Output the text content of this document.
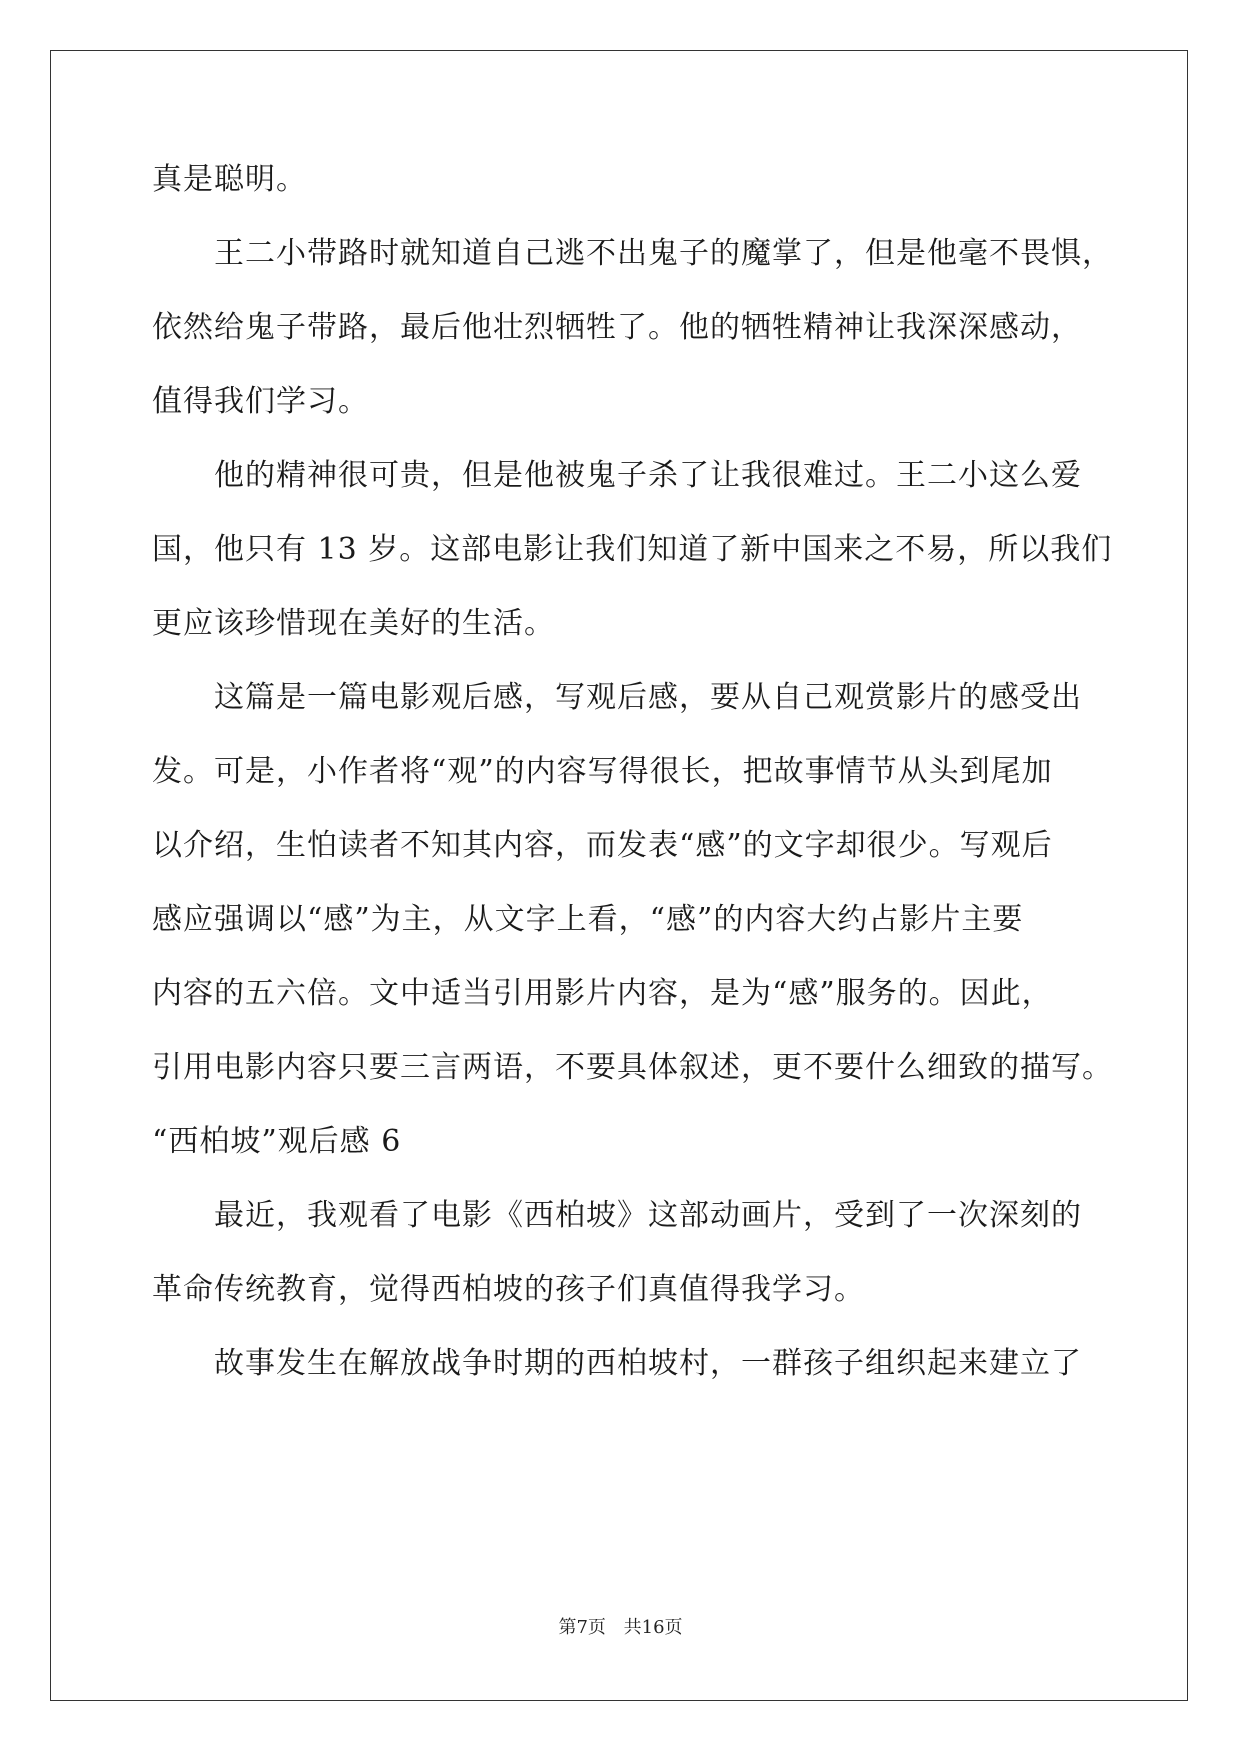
真是聪明。
王二小带路时就知道自己逃不出鬼子的魔掌了，但是他毫不畏惧，
依然给鬼子带路，最后他壮烈牺牲了。他的牺牲精神让我深深感动，
值得我们学习。
他的精神很可贵，但是他被鬼子杀了让我很难过。王二小这么爱
国，他只有 13 岁。这部电影让我们知道了新中国来之不易，所以我们
更应该珍惜现在美好的生活。
这篇是一篇电影观后感，写观后感，要从自己观赏影片的感受出
发。可是，小作者将“观”的内容写得很长，把故事情节从头到尾加
以介绍，生怕读者不知其内容，而发表“感”的文字却很少。写观后
感应强调以“感”为主，从文字上看，“感”的内容大约占影片主要
内容的五六倍。文中适当引用影片内容，是为“感”服务的。因此，
引用电影内容只要三言两语，不要具体叙述，更不要什么细致的描写。
“西柏坡”观后感 6
最近，我观看了电影《西柏坡》这部动画片，受到了一次深刻的
革命传统教育，觉得西柏坡的孩子们真值得我学习。
故事发生在解放战争时期的西柏坡村，一群孩子组织起来建立了
第7页 共16页
